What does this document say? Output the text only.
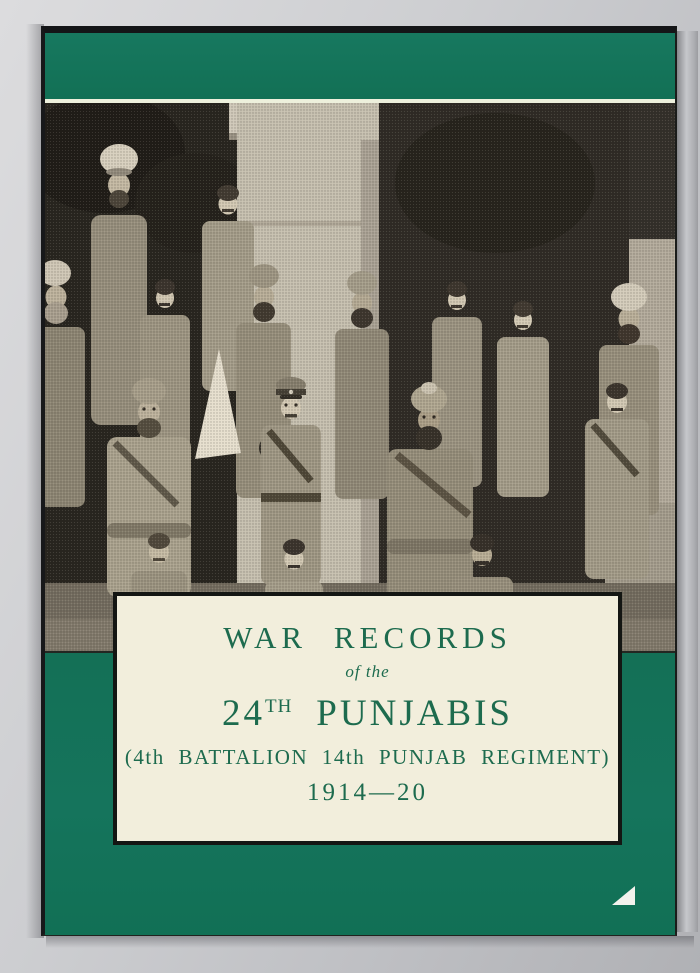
WAR RECORDS
of the
24TH PUNJABIS
(4th BATTALION 14th PUNJAB REGIMENT)
1914—20
